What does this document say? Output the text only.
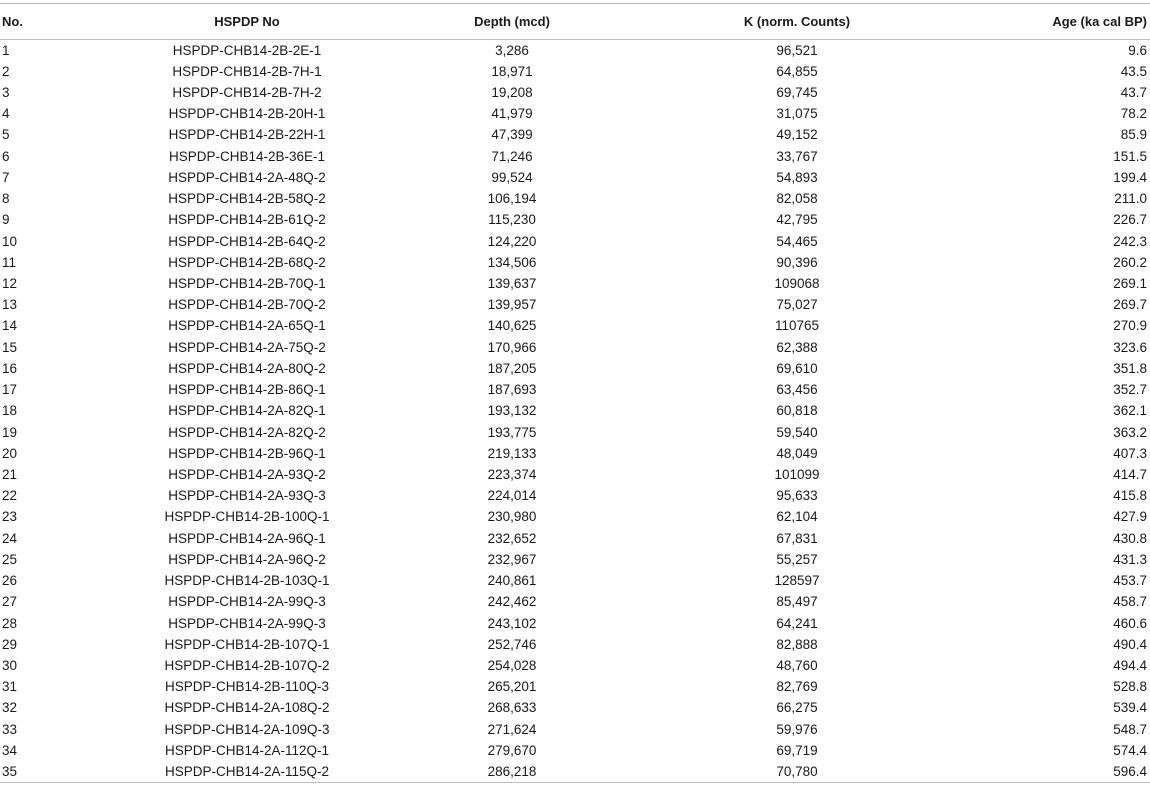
No.	HSPDP No	Depth (mcd)	K (norm. Counts)	Age (ka cal BP)
1	HSPDP-CHB14-2B-2E-1	3,286	96,521	9.6
2	HSPDP-CHB14-2B-7H-1	18,971	64,855	43.5
3	HSPDP-CHB14-2B-7H-2	19,208	69,745	43.7
4	HSPDP-CHB14-2B-20H-1	41,979	31,075	78.2
5	HSPDP-CHB14-2B-22H-1	47,399	49,152	85.9
6	HSPDP-CHB14-2B-36E-1	71,246	33,767	151.5
7	HSPDP-CHB14-2A-48Q-2	99,524	54,893	199.4
8	HSPDP-CHB14-2B-58Q-2	106,194	82,058	211.0
9	HSPDP-CHB14-2B-61Q-2	115,230	42,795	226.7
10	HSPDP-CHB14-2B-64Q-2	124,220	54,465	242.3
11	HSPDP-CHB14-2B-68Q-2	134,506	90,396	260.2
12	HSPDP-CHB14-2B-70Q-1	139,637	109068	269.1
13	HSPDP-CHB14-2B-70Q-2	139,957	75,027	269.7
14	HSPDP-CHB14-2A-65Q-1	140,625	110765	270.9
15	HSPDP-CHB14-2A-75Q-2	170,966	62,388	323.6
16	HSPDP-CHB14-2A-80Q-2	187,205	69,610	351.8
17	HSPDP-CHB14-2B-86Q-1	187,693	63,456	352.7
18	HSPDP-CHB14-2A-82Q-1	193,132	60,818	362.1
19	HSPDP-CHB14-2A-82Q-2	193,775	59,540	363.2
20	HSPDP-CHB14-2B-96Q-1	219,133	48,049	407.3
21	HSPDP-CHB14-2A-93Q-2	223,374	101099	414.7
22	HSPDP-CHB14-2A-93Q-3	224,014	95,633	415.8
23	HSPDP-CHB14-2B-100Q-1	230,980	62,104	427.9
24	HSPDP-CHB14-2A-96Q-1	232,652	67,831	430.8
25	HSPDP-CHB14-2A-96Q-2	232,967	55,257	431.3
26	HSPDP-CHB14-2B-103Q-1	240,861	128597	453.7
27	HSPDP-CHB14-2A-99Q-3	242,462	85,497	458.7
28	HSPDP-CHB14-2A-99Q-3	243,102	64,241	460.6
29	HSPDP-CHB14-2B-107Q-1	252,746	82,888	490.4
30	HSPDP-CHB14-2B-107Q-2	254,028	48,760	494.4
31	HSPDP-CHB14-2B-110Q-3	265,201	82,769	528.8
32	HSPDP-CHB14-2A-108Q-2	268,633	66,275	539.4
33	HSPDP-CHB14-2A-109Q-3	271,624	59,976	548.7
34	HSPDP-CHB14-2A-112Q-1	279,670	69,719	574.4
35	HSPDP-CHB14-2A-115Q-2	286,218	70,780	596.4
